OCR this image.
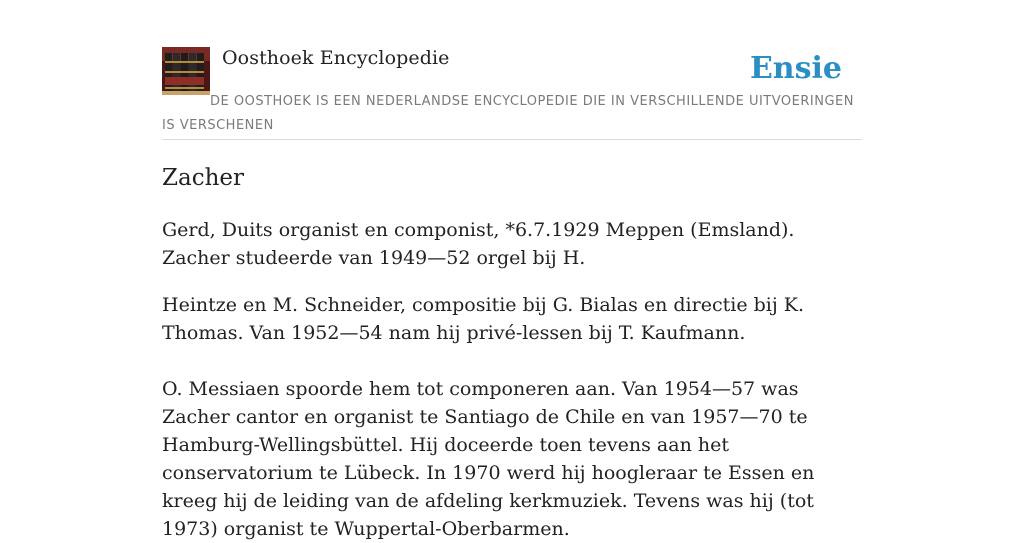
Oosthoek Encyclopedie	Ensie
DE OOSTHOEK IS EEN NEDERLANDSE ENCYCLOPEDIE DIE IN VERSCHILLENDE UITVOERINGEN IS VERSCHENEN
Zacher

Gerd, Duits organist en componist, *6.7.1929 Meppen (Emsland). Zacher studeerde van 1949—52 orgel bij H.

Heintze en M. Schneider, compositie bij G. Bialas en directie bij K. Thomas. Van 1952—54 nam hij privé-lessen bij T. Kaufmann.

O. Messiaen spoorde hem tot componeren aan. Van 1954—57 was Zacher cantor en organist te Santiago de Chile en van 1957—70 te Hamburg-Wellingsbüttel. Hij doceerde toen tevens aan het conservatorium te Lübeck. In 1970 werd hij hoogleraar te Essen en kreeg hij de leiding van de afdeling kerkmuziek. Tevens was hij (tot 1973) organist te Wuppertal-Oberbarmen.
